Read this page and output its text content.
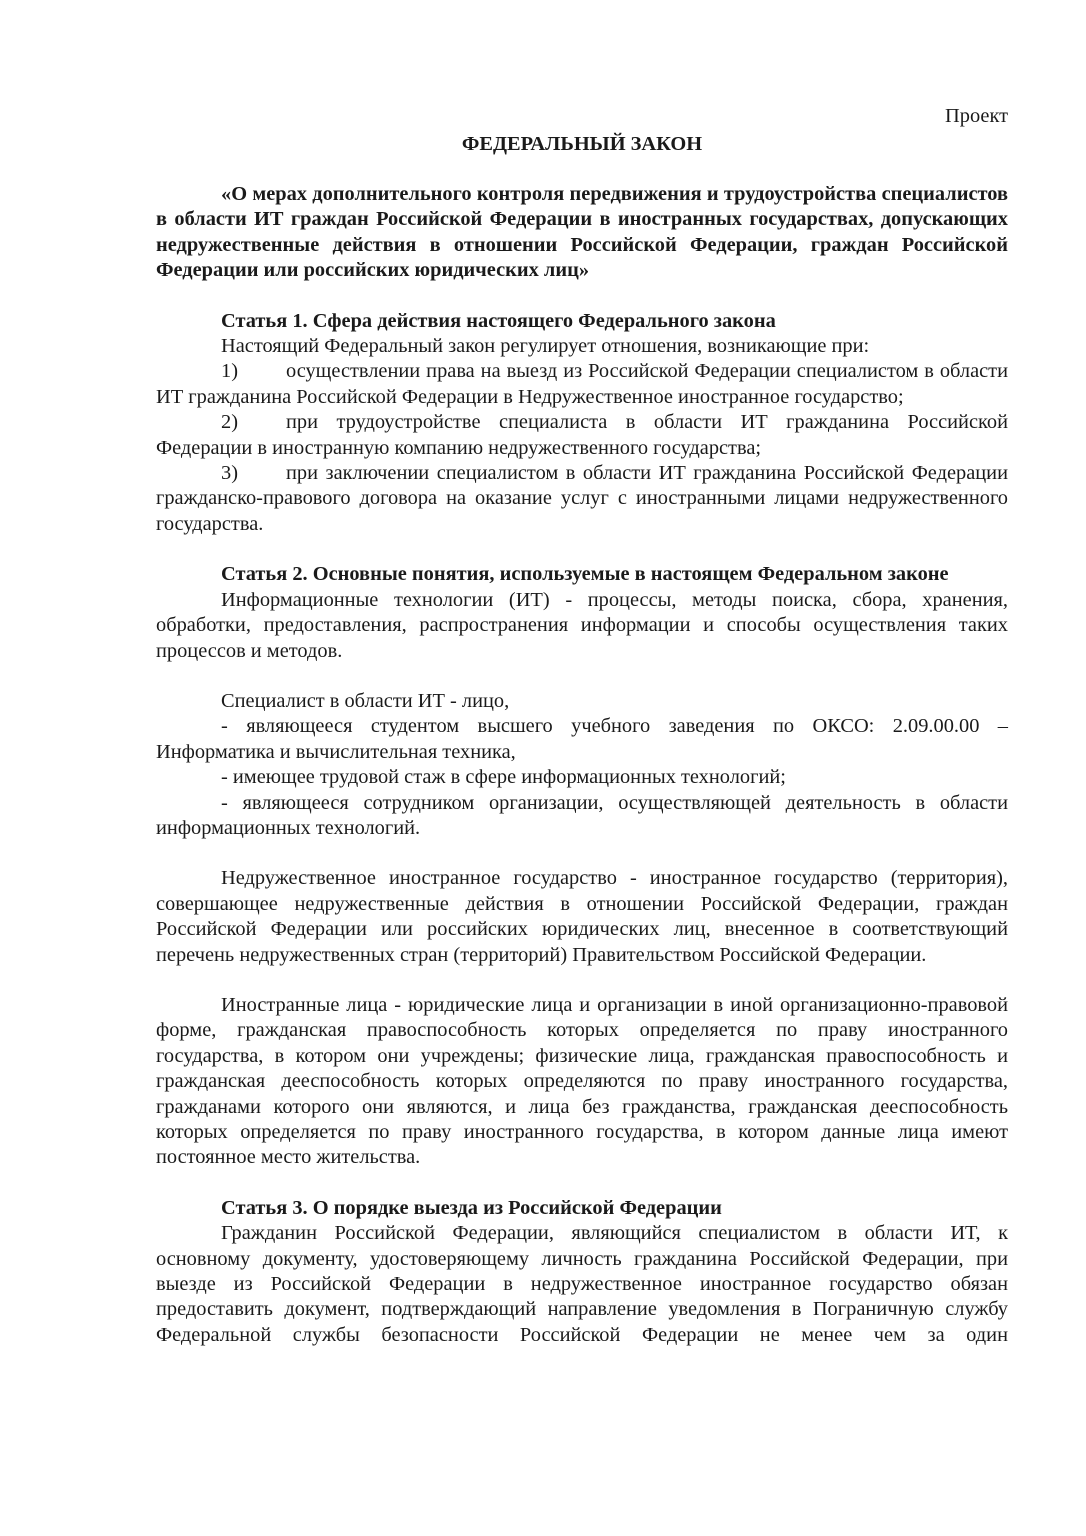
Проект

ФЕДЕРАЛЬНЫЙ ЗАКОН

«О мерах дополнительного контроля передвижения и трудоустройства специалистов в области ИТ граждан Российской Федерации в иностранных государствах, допускающих недружественные действия в отношении Российской Федерации, граждан Российской Федерации или российских юридических лиц»

Статья 1. Сфера действия настоящего Федерального закона

Настоящий Федеральный закон регулирует отношения, возникающие при:

1) осуществлении права на выезд из Российской Федерации специалистом в области ИТ гражданина Российской Федерации в Недружественное иностранное государство;

2) при трудоустройстве специалиста в области ИТ гражданина Российской Федерации в иностранную компанию недружественного государства;

3) при заключении специалистом в области ИТ гражданина Российской Федерации гражданско-правового договора на оказание услуг с иностранными лицами недружественного государства.

Статья 2. Основные понятия, используемые в настоящем Федеральном законе

Информационные технологии (ИТ) - процессы, методы поиска, сбора, хранения, обработки, предоставления, распространения информации и способы осуществления таких процессов и методов.

Специалист в области ИТ - лицо,

- являющееся студентом высшего учебного заведения по ОКСО: 2.09.00.00 – Информатика и вычислительная техника,

- имеющее трудовой стаж в сфере информационных технологий;

- являющееся сотрудником организации, осуществляющей деятельность в области информационных технологий.

Недружественное иностранное государство - иностранное государство (территория), совершающее недружественные действия в отношении Российской Федерации, граждан Российской Федерации или российских юридических лиц, внесенное в соответствующий перечень недружественных стран (территорий) Правительством Российской Федерации.

Иностранные лица - юридические лица и организации в иной организационно-правовой форме, гражданская правоспособность которых определяется по праву иностранного государства, в котором они учреждены; физические лица, гражданская правоспособность и гражданская дееспособность которых определяются по праву иностранного государства, гражданами которого они являются, и лица без гражданства, гражданская дееспособность которых определяется по праву иностранного государства, в котором данные лица имеют постоянное место жительства.

Статья 3. О порядке выезда из Российской Федерации

Гражданин Российской Федерации, являющийся специалистом в области ИТ, к основному документу, удостоверяющему личность гражданина Российской Федерации, при выезде из Российской Федерации в недружественное иностранное государство обязан предоставить документ, подтверждающий направление уведомления в Пограничную службу Федеральной службы безопасности Российской Федерации не менее чем за один
